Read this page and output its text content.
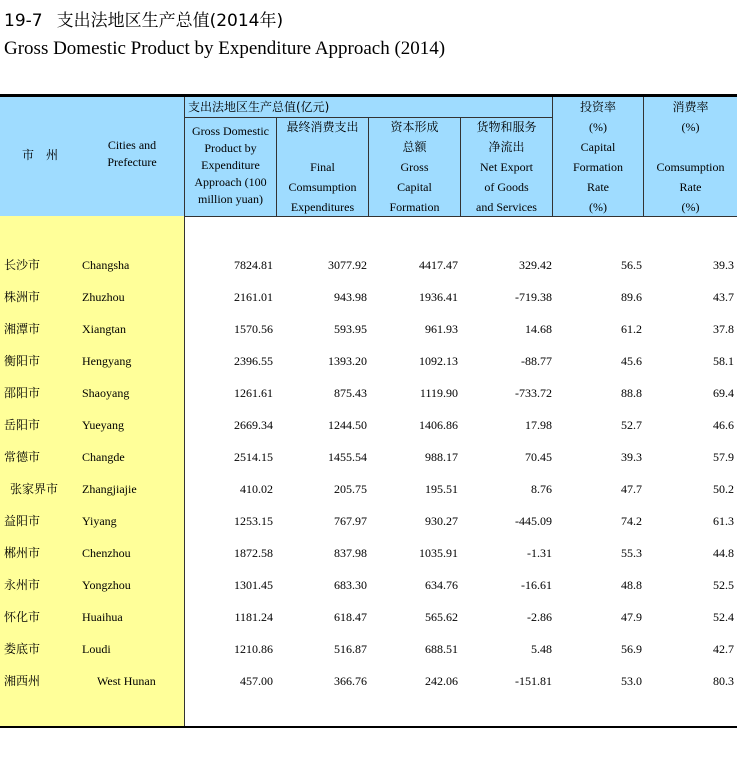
19-7 支出法地区生产总值(2014年)
Gross Domestic Product by Expenditure Approach (2014)
市　州
Cities and
Prefecture
支出法地区生产总值(亿元)
Gross Domestic
Product by
Expenditure
Approach (100
million yuan)
最终消费支出
Final
Comsumption
Expenditures
资本形成
总额
Gross
Capital
Formation
货物和服务
净流出
Net Export
of Goods
and Services
投资率
(%)
Capital
Formation
Rate
(%)
消费率
(%)
Comsumption
Rate
(%)
长沙市	Changsha	7824.81	3077.92	4417.47	329.42	56.5	39.3
株洲市	Zhuzhou	2161.01	943.98	1936.41	-719.38	89.6	43.7
湘潭市	Xiangtan	1570.56	593.95	961.93	14.68	61.2	37.8
衡阳市	Hengyang	2396.55	1393.20	1092.13	-88.77	45.6	58.1
邵阳市	Shaoyang	1261.61	875.43	1119.90	-733.72	88.8	69.4
岳阳市	Yueyang	2669.34	1244.50	1406.86	17.98	52.7	46.6
常德市	Changde	2514.15	1455.54	988.17	70.45	39.3	57.9
张家界市 Zhangjiajie	410.02	205.75	195.51	8.76	47.7	50.2
益阳市	Yiyang	1253.15	767.97	930.27	-445.09	74.2	61.3
郴州市	Chenzhou	1872.58	837.98	1035.91	-1.31	55.3	44.8
永州市	Yongzhou	1301.45	683.30	634.76	-16.61	48.8	52.5
怀化市	Huaihua	1181.24	618.47	565.62	-2.86	47.9	52.4
娄底市	Loudi	1210.86	516.87	688.51	5.48	56.9	42.7
湘西州	West Hunan	457.00	366.76	242.06	-151.81	53.0	80.3
